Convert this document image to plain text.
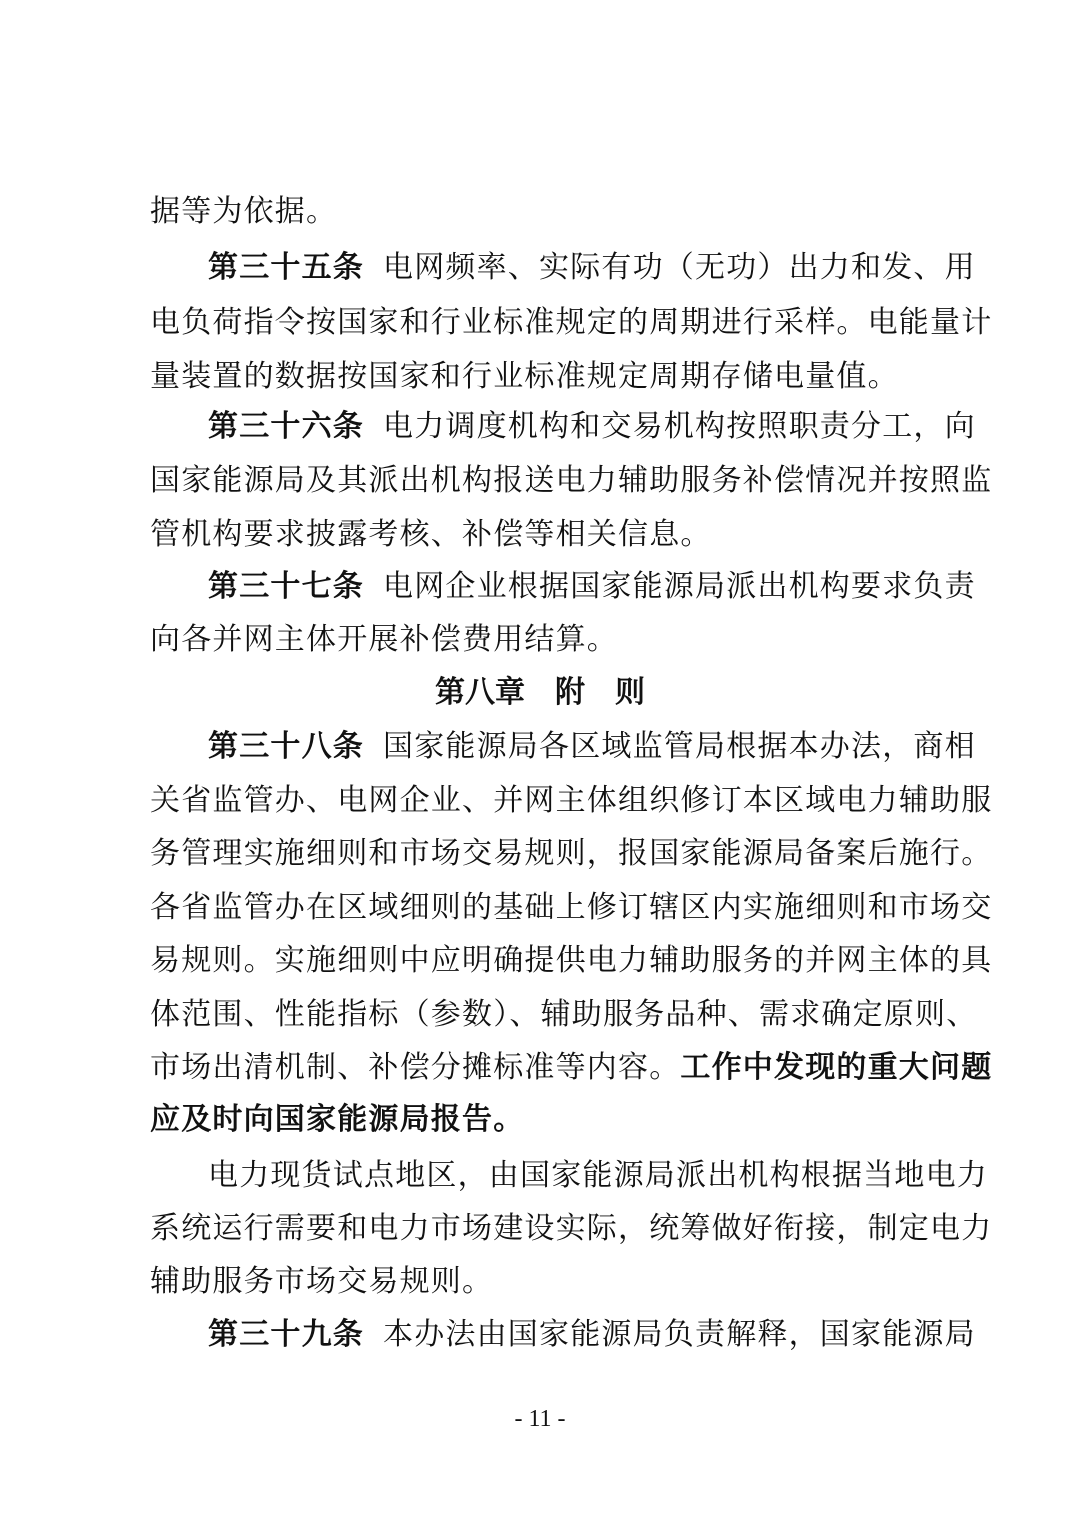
据等为依据。
第三十五条 电网频率、实际有功（无功）出力和发、用
电负荷指令按国家和行业标准规定的周期进行采样。电能量计
量装置的数据按国家和行业标准规定周期存储电量值。
第三十六条 电力调度机构和交易机构按照职责分工，向
国家能源局及其派出机构报送电力辅助服务补偿情况并按照监
管机构要求披露考核、补偿等相关信息。
第三十七条 电网企业根据国家能源局派出机构要求负责
向各并网主体开展补偿费用结算。
第八章　附　则
第三十八条 国家能源局各区域监管局根据本办法，商相
关省监管办、电网企业、并网主体组织修订本区域电力辅助服
务管理实施细则和市场交易规则，报国家能源局备案后施行。
各省监管办在区域细则的基础上修订辖区内实施细则和市场交
易规则。实施细则中应明确提供电力辅助服务的并网主体的具
体范围、性能指标（参数）、辅助服务品种、需求确定原则、
市场出清机制、补偿分摊标准等内容。工作中发现的重大问题
应及时向国家能源局报告。
电力现货试点地区，由国家能源局派出机构根据当地电力
系统运行需要和电力市场建设实际，统筹做好衔接，制定电力
辅助服务市场交易规则。
第三十九条 本办法由国家能源局负责解释，国家能源局
- 11 -
